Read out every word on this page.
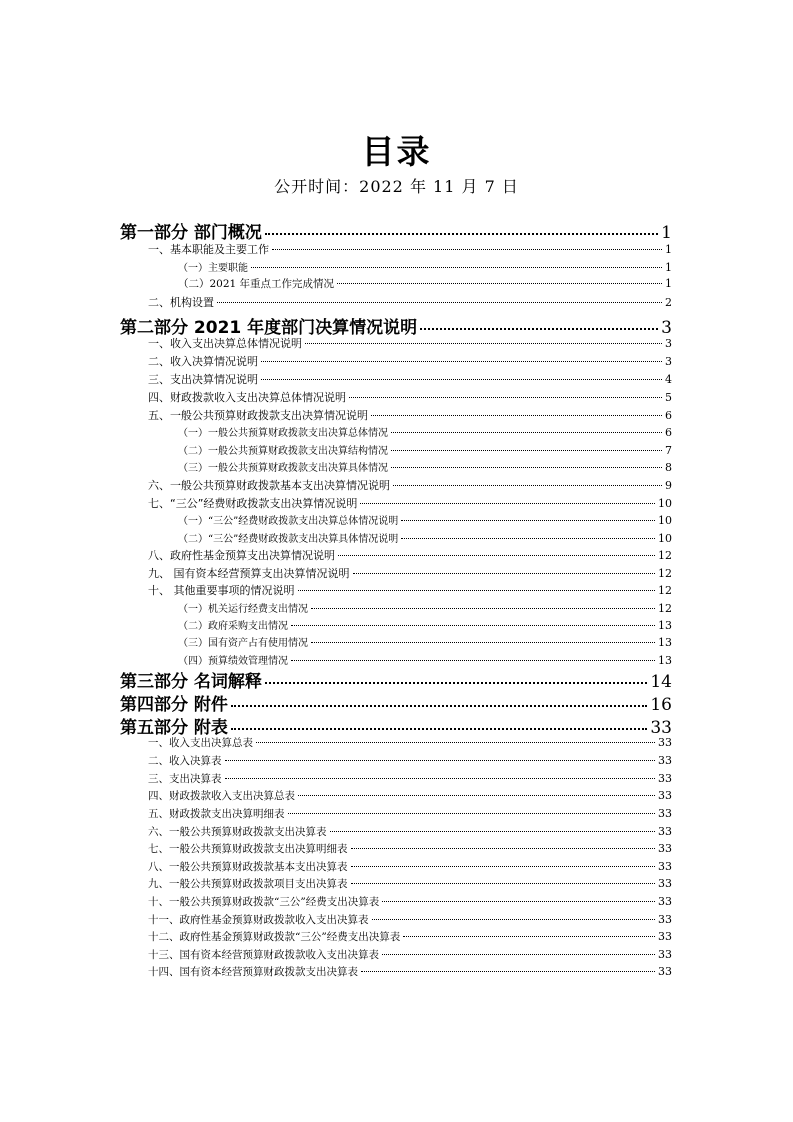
目录
公开时间：2022 年 11 月 7 日
第一部分 部门概况	1
一、基本职能及主要工作	1
（一）主要职能	1
（二）2021 年重点工作完成情况	1
二、机构设置	2
第二部分 2021 年度部门决算情况说明	3
一、收入支出决算总体情况说明	3
二、收入决算情况说明	3
三、支出决算情况说明	4
四、财政拨款收入支出决算总体情况说明	5
五、一般公共预算财政拨款支出决算情况说明	6
（一）一般公共预算财政拨款支出决算总体情况	6
（二）一般公共预算财政拨款支出决算结构情况	7
（三）一般公共预算财政拨款支出决算具体情况	8
六、一般公共预算财政拨款基本支出决算情况说明	9
七、“三公”经费财政拨款支出决算情况说明	10
（一）“三公”经费财政拨款支出决算总体情况说明	10
（二）“三公”经费财政拨款支出决算具体情况说明	10
八、政府性基金预算支出决算情况说明	12
九、 国有资本经营预算支出决算情况说明	12
十、 其他重要事项的情况说明	12
（一）机关运行经费支出情况	12
（二）政府采购支出情况	13
（三）国有资产占有使用情况	13
（四）预算绩效管理情况	13
第三部分 名词解释	14
第四部分 附件	16
第五部分 附表	33
一、收入支出决算总表	33
二、收入决算表	33
三、支出决算表	33
四、财政拨款收入支出决算总表	33
五、财政拨款支出决算明细表	33
六、一般公共预算财政拨款支出决算表	33
七、一般公共预算财政拨款支出决算明细表	33
八、一般公共预算财政拨款基本支出决算表	33
九、一般公共预算财政拨款项目支出决算表	33
十、一般公共预算财政拨款“三公”经费支出决算表	33
十一、政府性基金预算财政拨款收入支出决算表	33
十二、政府性基金预算财政拨款“三公”经费支出决算表	33
十三、国有资本经营预算财政拨款收入支出决算表	33
十四、国有资本经营预算财政拨款支出决算表	33
